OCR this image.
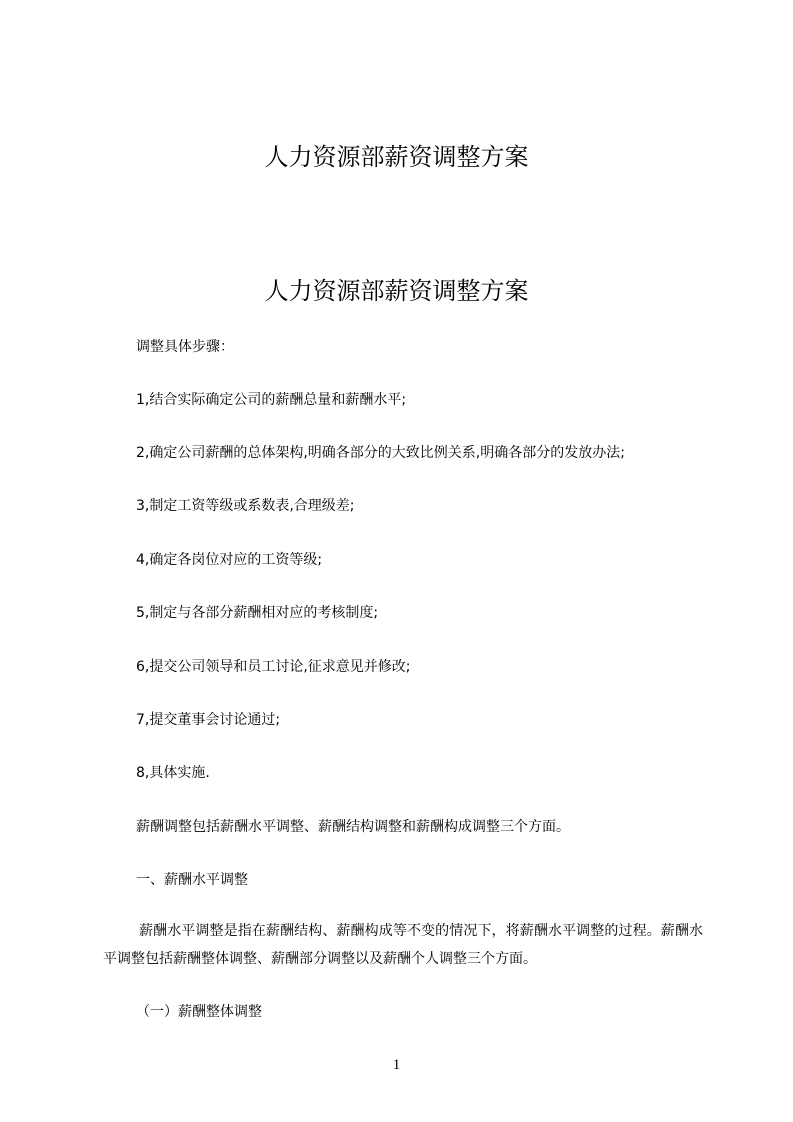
人力资源部薪资调整方案
人力资源部薪资调整方案

调整具体步骤：

1,结合实际确定公司的薪酬总量和薪酬水平;

2,确定公司薪酬的总体架构,明确各部分的大致比例关系,明确各部分的发放办法;

3,制定工资等级或系数表,合理级差;

4,确定各岗位对应的工资等级;

5,制定与各部分薪酬相对应的考核制度;

6,提交公司领导和员工讨论,征求意见并修改;

7,提交董事会讨论通过;

8,具体实施.

薪酬调整包括薪酬水平调整、薪酬结构调整和薪酬构成调整三个方面。

一、薪酬水平调整

薪酬水平调整是指在薪酬结构、薪酬构成等不变的情况下，将薪酬水平调整的过程。薪酬水平调整包括薪酬整体调整、薪酬部分调整以及薪酬个人调整三个方面。

（一）薪酬整体调整

1
